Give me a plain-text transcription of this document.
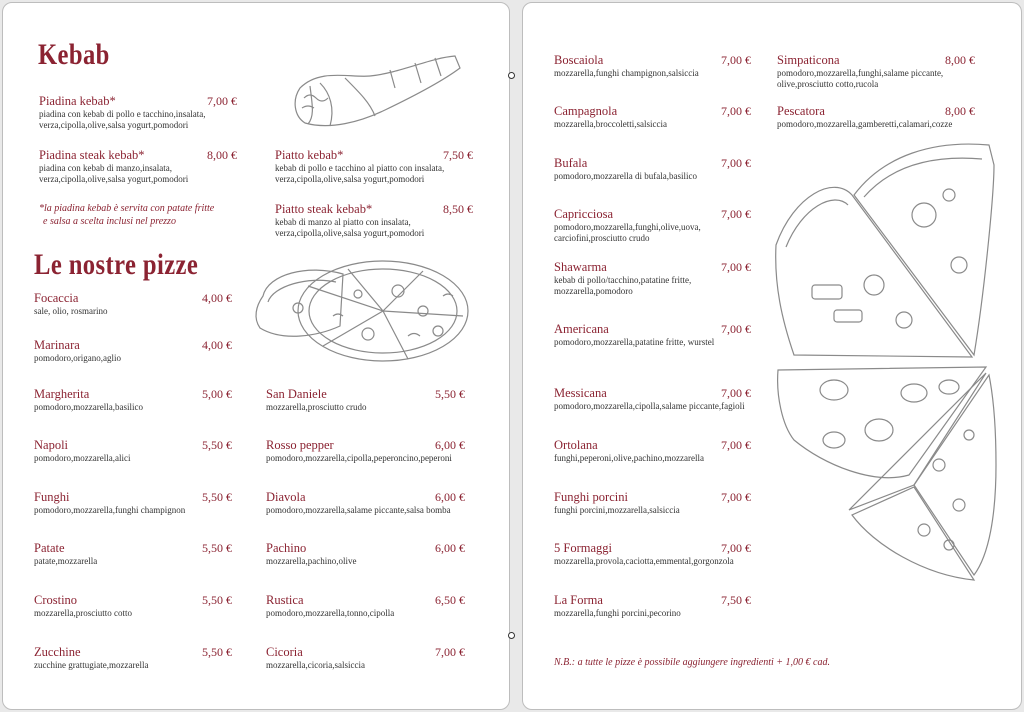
Kebab
Piadina kebab*	7,00 €
piadina con kebab di pollo e tacchino,insalata, verza,cipolla,olive,salsa yogurt,pomodori
Piadina steak kebab*	8,00 €
piadina con kebab di manzo,insalata, verza,cipolla,olive,salsa yogurt,pomodori
Piatto kebab*	7,50 €
kebab di pollo e tacchino al piatto con insalata, verza,cipolla,olive,salsa yogurt,pomodori
Piatto steak kebab*	8,50 €
kebab di manzo al piatto con insalata, verza,cipolla,olive,salsa yogurt,pomodori
*la piadina kebab è servita con patate fritte
e salsa a scelta inclusi nel prezzo
Le nostre pizze
Focaccia	4,00 €
sale, olio, rosmarino
Marinara	4,00 €
pomodoro,origano,aglio
Margherita	5,00 €
pomodoro,mozzarella,basilico
Napoli	5,50 €
pomodoro,mozzarella,alici
Funghi	5,50 €
pomodoro,mozzarella,funghi champignon
Patate	5,50 €
patate,mozzarella
Crostino	5,50 €
mozzarella,prosciutto cotto
Zucchine	5,50 €
zucchine grattugiate,mozzarella
San Daniele	5,50 €
mozzarella,prosciutto crudo
Rosso pepper	6,00 €
pomodoro,mozzarella,cipolla,peperoncino,peperoni
Diavola	6,00 €
pomodoro,mozzarella,salame piccante,salsa bomba
Pachino	6,00 €
mozzarella,pachino,olive
Rustica	6,50 €
pomodoro,mozzarella,tonno,cipolla
Cicoria	7,00 €
mozzarella,cicoria,salsiccia
Boscaiola	7,00 €
mozzarella,funghi champignon,salsiccia
Campagnola	7,00 €
mozzarella,broccoletti,salsiccia
Bufala	7,00 €
pomodoro,mozzarella di bufala,basilico
Capricciosa	7,00 €
pomodoro,mozzarella,funghi,olive,uova, carciofini,prosciutto crudo
Shawarma	7,00 €
kebab di pollo/tacchino,patatine fritte, mozzarella,pomodoro
Americana	7,00 €
pomodoro,mozzarella,patatine fritte, wurstel
Messicana	7,00 €
pomodoro,mozzarella,cipolla,salame piccante,fagioli
Ortolana	7,00 €
funghi,peperoni,olive,pachino,mozzarella
Funghi porcini	7,00 €
funghi porcini,mozzarella,salsiccia
5 Formaggi	7,00 €
mozzarella,provola,caciotta,emmental,gorgonzola
La Forma	7,50 €
mozzarella,funghi porcini,pecorino
Simpaticona	8,00 €
pomodoro,mozzarella,funghi,salame piccante, olive,prosciutto cotto,rucola
Pescatora	8,00 €
pomodoro,mozzarella,gamberetti,calamari,cozze
N.B.: a tutte le pizze è possibile aggiungere ingredienti + 1,00 € cad.
